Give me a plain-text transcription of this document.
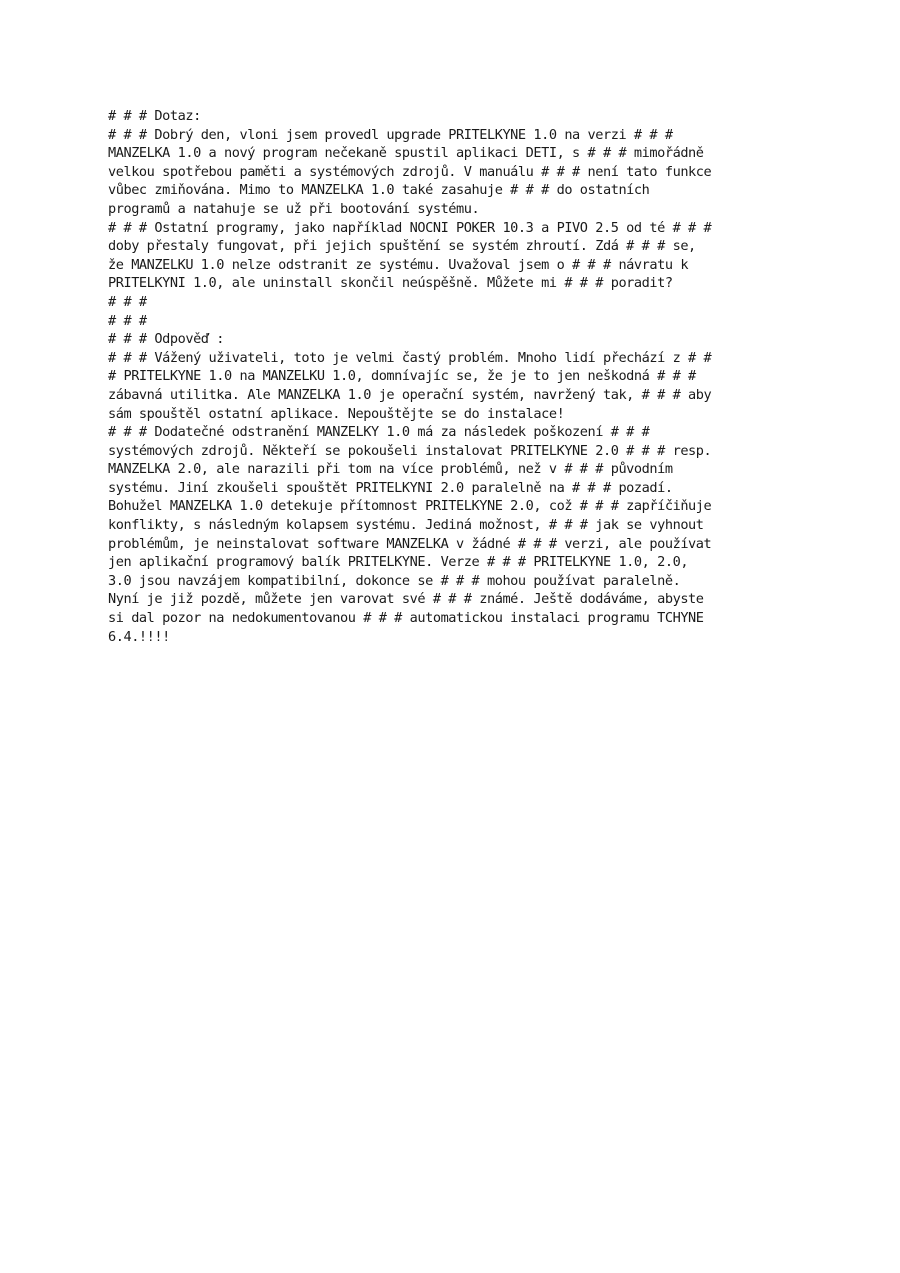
# # # Dotaz:
# # # Dobrý den, vloni jsem provedl upgrade PRITELKYNE 1.0 na verzi # # #
MANZELKA 1.0 a nový program nečekaně spustil aplikaci DETI, s # # # mimořádně
velkou spotřebou paměti a systémových zdrojů. V manuálu # # # není tato funkce
vůbec zmiňována. Mimo to MANZELKA 1.0 také zasahuje # # # do ostatních
programů a natahuje se už při bootování systému.
# # # Ostatní programy, jako například NOCNI POKER 10.3 a PIVO 2.5 od té # # #
doby přestaly fungovat, při jejich spuštění se systém zhroutí. Zdá # # # se,
že MANZELKU 1.0 nelze odstranit ze systému. Uvažoval jsem o # # # návratu k
PRITELKYNI 1.0, ale uninstall skončil neúspěšně. Můžete mi # # # poradit?
# # #
# # #
# # # Odpověď :
# # # Vážený uživateli, toto je velmi častý problém. Mnoho lidí přechází z # #
# PRITELKYNE 1.0 na MANZELKU 1.0, domnívajíc se, že je to jen neškodná # # #
zábavná utilitka. Ale MANZELKA 1.0 je operační systém, navržený tak, # # # aby
sám spouštěl ostatní aplikace. Nepouštějte se do instalace!
# # # Dodatečné odstranění MANZELKY 1.0 má za následek poškození # # #
systémových zdrojů. Někteří se pokoušeli instalovat PRITELKYNE 2.0 # # # resp.
MANZELKA 2.0, ale narazili při tom na více problémů, než v # # # původním
systému. Jiní zkoušeli spouštět PRITELKYNI 2.0 paralelně na # # # pozadí.
Bohužel MANZELKA 1.0 detekuje přítomnost PRITELKYNE 2.0, což # # # zapříčiňuje
konflikty, s následným kolapsem systému. Jediná možnost, # # # jak se vyhnout
problémům, je neinstalovat software MANZELKA v žádné # # # verzi, ale používat
jen aplikační programový balík PRITELKYNE. Verze # # # PRITELKYNE 1.0, 2.0,
3.0 jsou navzájem kompatibilní, dokonce se # # # mohou používat paralelně.
Nyní je již pozdě, můžete jen varovat své # # # známé. Ještě dodáváme, abyste
si dal pozor na nedokumentovanou # # # automatickou instalaci programu TCHYNE
6.4.!!!!
